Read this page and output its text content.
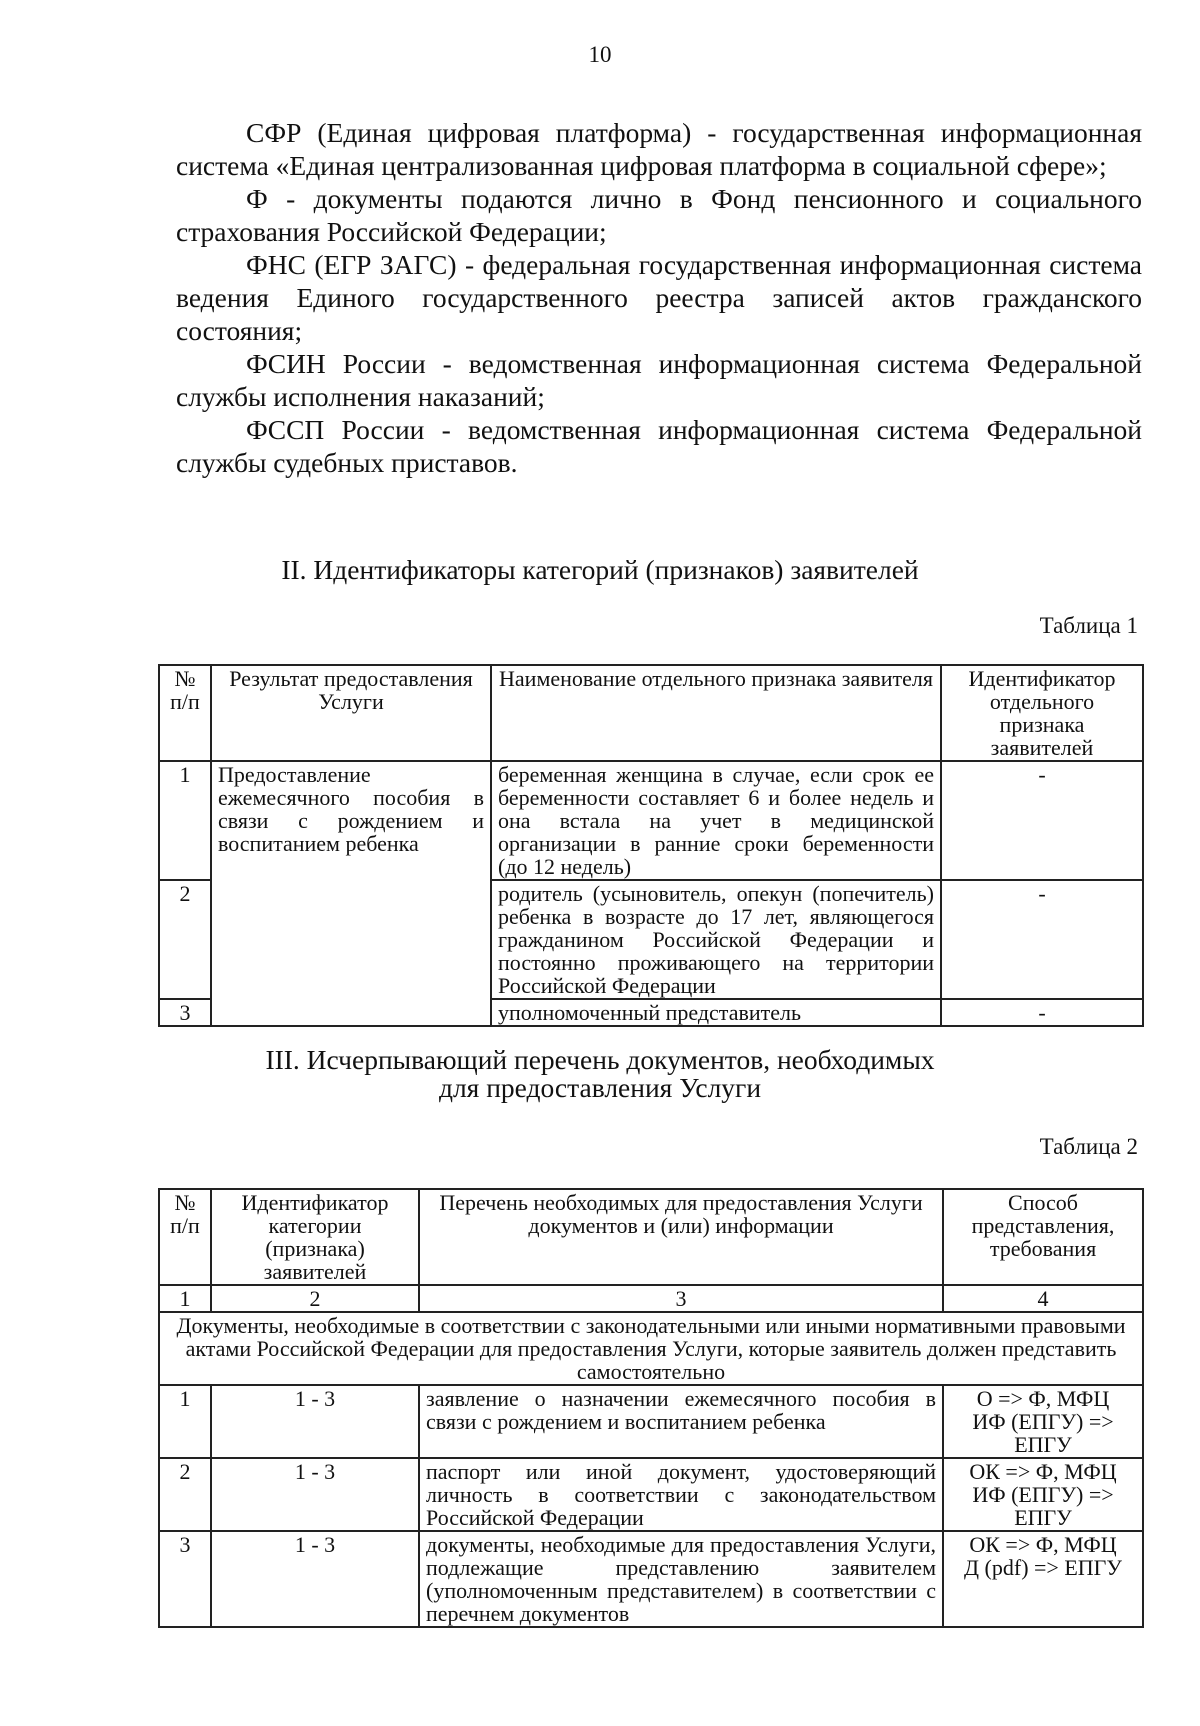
10

СФР (Единая цифровая платформа) - государственная информационная система «Единая централизованная цифровая платформа в социальной сфере»;

Ф - документы подаются лично в Фонд пенсионного и социального страхования Российской Федерации;

ФНС (ЕГР ЗАГС) - федеральная государственная информационная система ведения Единого государственного реестра записей актов гражданского состояния;

ФСИН России - ведомственная информационная система Федеральной службы исполнения наказаний;

ФССП России - ведомственная информационная система Федеральной службы судебных приставов.

II. Идентификаторы категорий (признаков) заявителей
Таблица 1
№ п/п	Результат предоставления Услуги	Наименование отдельного признака заявителя	Идентификатор отдельного признака заявителей
1	Предоставление ежемесячного пособия в связи с рождением и воспитанием ребенка	беременная женщина в случае, если срок ее беременности составляет 6 и более недель и она встала на учет в медицинской организации в ранние сроки беременности (до 12 недель)	-
2		родитель (усыновитель, опекун (попечитель) ребенка в возрасте до 17 лет, являющегося гражданином Российской Федерации и постоянно проживающего на территории Российской Федерации	-
3		уполномоченный представитель	-
III. Исчерпывающий перечень документов, необходимых
для предоставления Услуги
Таблица 2
№ п/п	Идентификатор категории (признака) заявителей	Перечень необходимых для предоставления Услуги документов и (или) информации	Способ представления, требования
1	2	3	4
Документы, необходимые в соответствии с законодательными или иными нормативными правовыми актами Российской Федерации для предоставления Услуги, которые заявитель должен представить самостоятельно			
1	1 - 3	заявление о назначении ежемесячного пособия в связи с рождением и воспитанием ребенка	О => Ф, МФЦ
ИФ (ЕПГУ) =>
ЕПГУ

2	1 - 3	паспорт или иной документ, удостоверяющий личность в соответствии с законодательством Российской Федерации	ОК => Ф, МФЦ
ИФ (ЕПГУ) =>
ЕПГУ

3	1 - 3	документы, необходимые для предоставления Услуги, подлежащие представлению заявителем (уполномоченным представителем) в соответствии с перечнем документов	ОК => Ф, МФЦ
Д (pdf) => ЕПГУ
